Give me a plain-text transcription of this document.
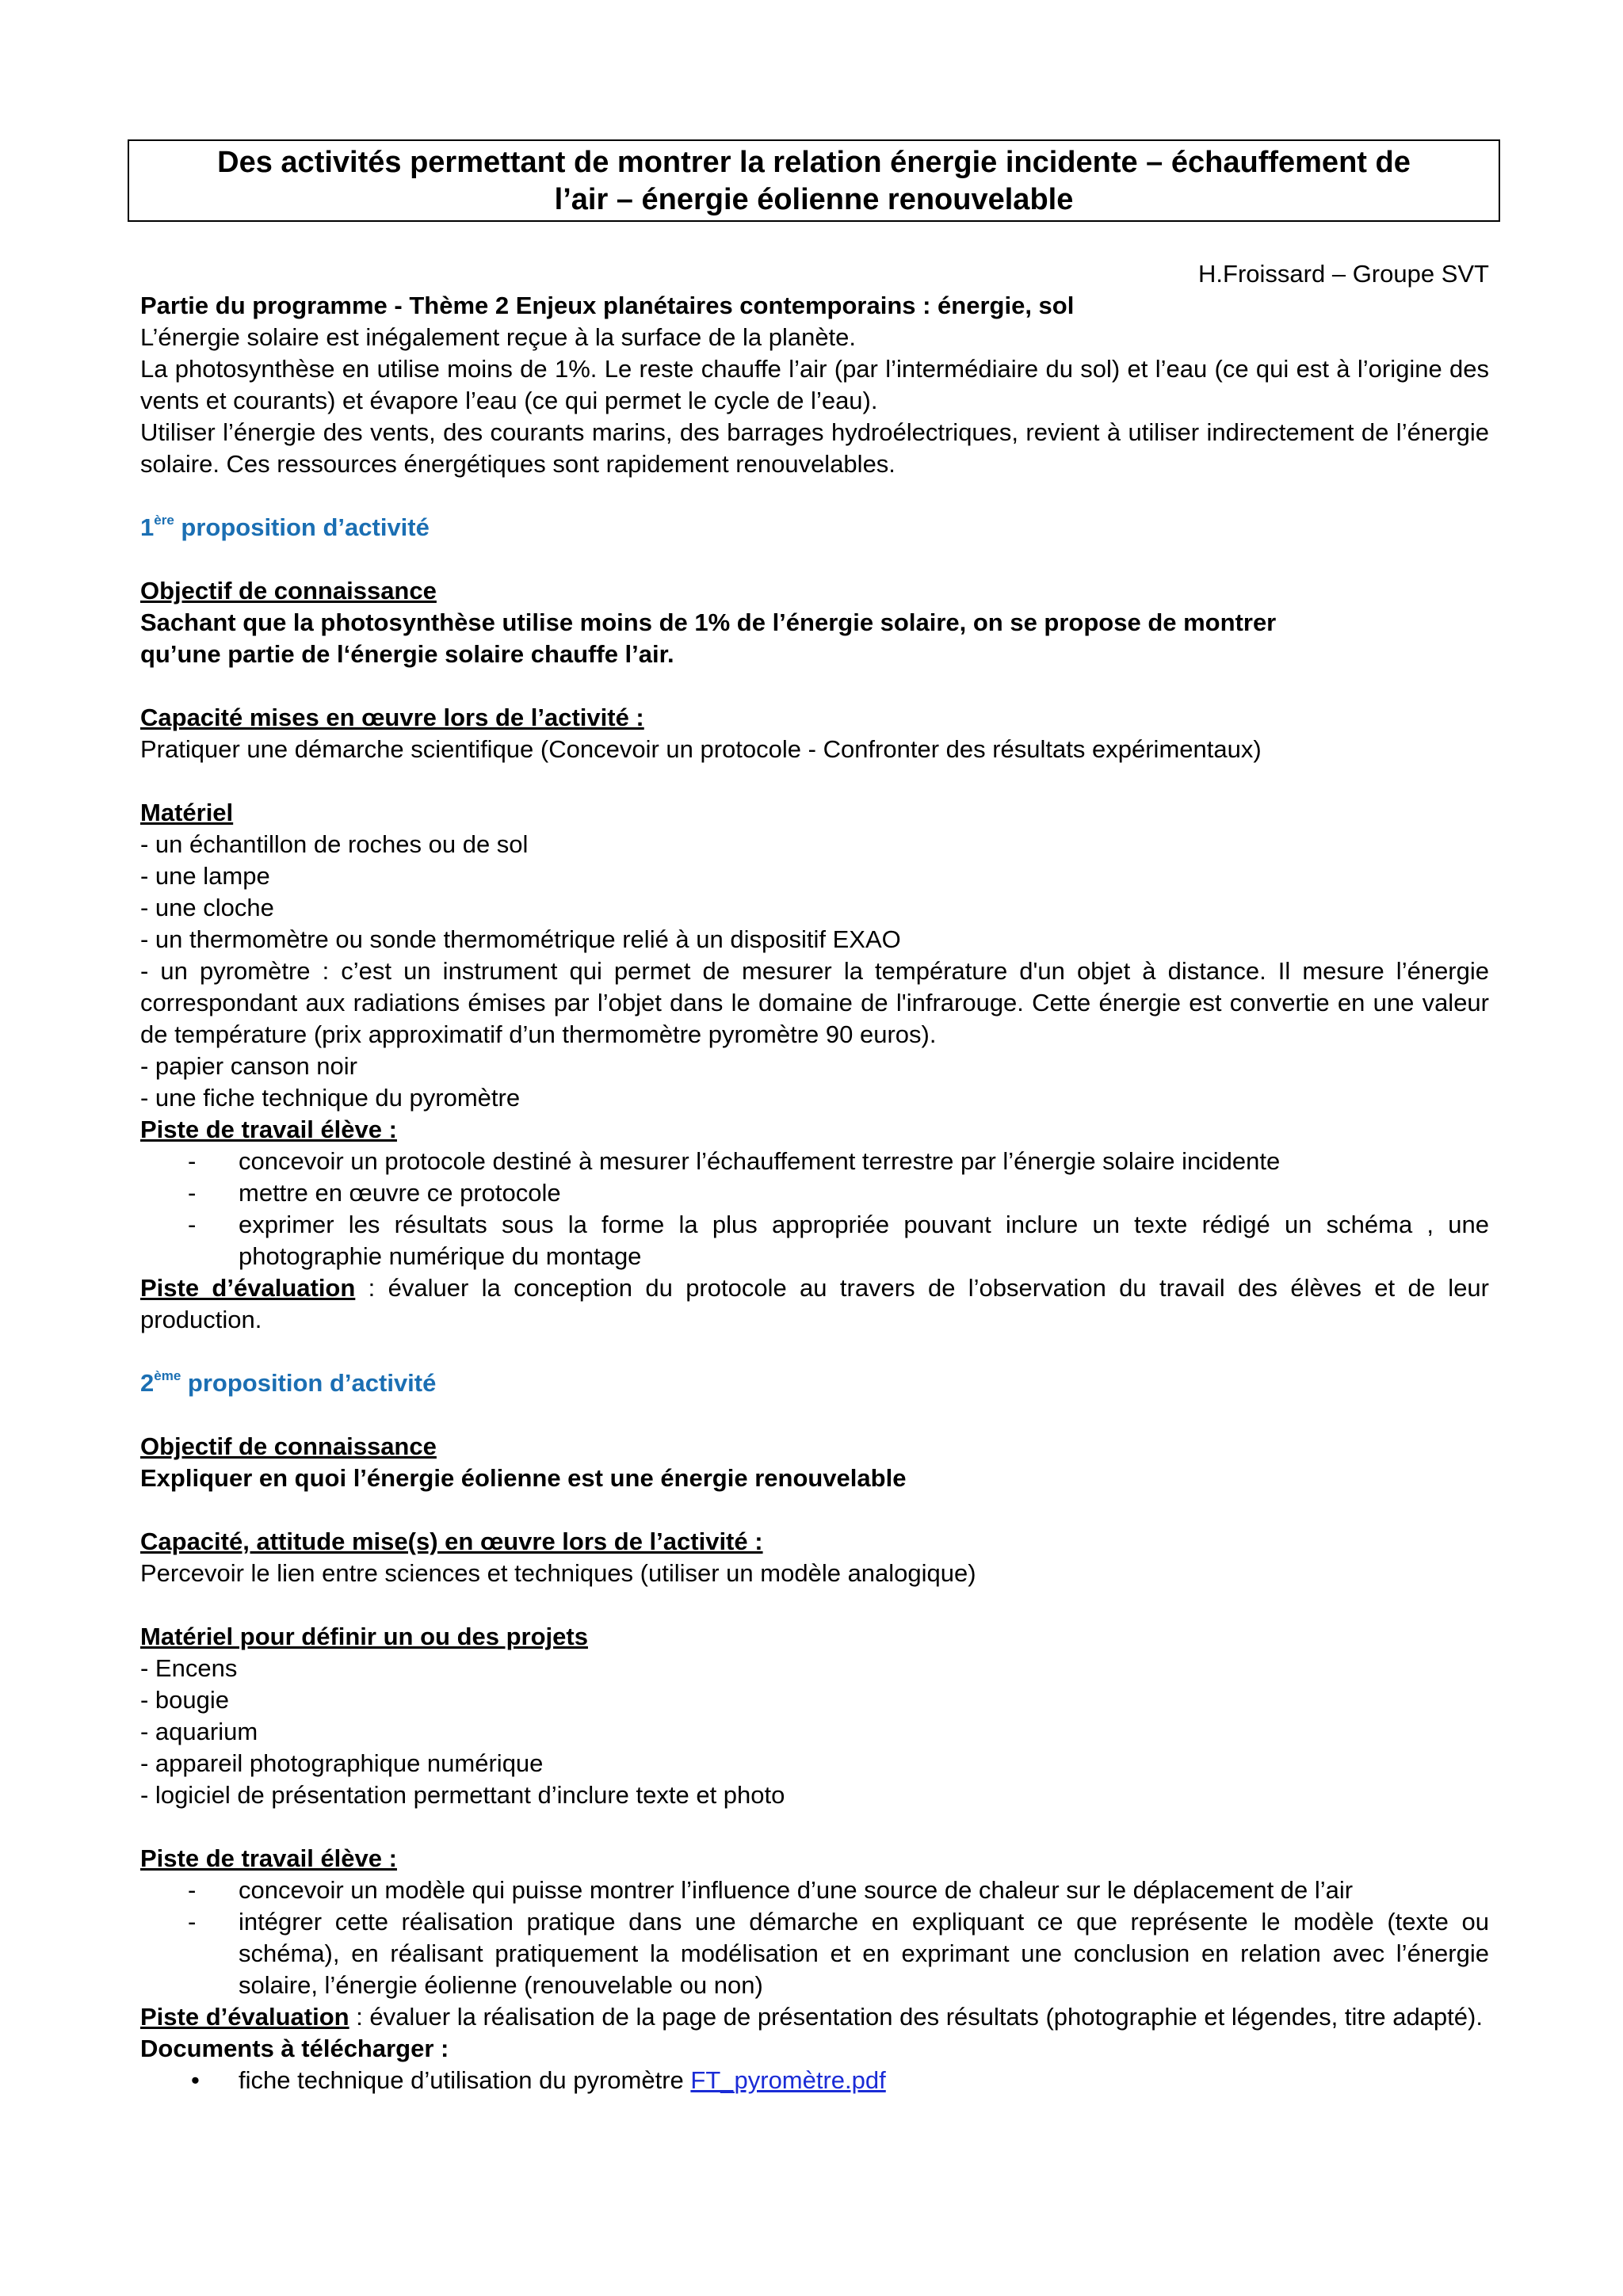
Des activités permettant de montrer la relation énergie incidente – échauffement de
l’air – énergie éolienne renouvelable

H.Froissard – Groupe SVT

Partie du programme - Thème 2 Enjeux planétaires contemporains : énergie, sol

L’énergie solaire est inégalement reçue à la surface de la planète.

La photosynthèse en utilise moins de 1%. Le reste chauffe l’air (par l’intermédiaire du sol) et l’eau (ce qui est à l’origine des vents et courants) et évapore l’eau (ce qui permet le cycle de l’eau).

Utiliser l’énergie des vents, des courants marins, des barrages hydroélectriques, revient à utiliser indirectement de l’énergie solaire. Ces ressources énergétiques sont rapidement renouvelables.

1ère proposition d’activité

Objectif de connaissance

Sachant que la photosynthèse utilise moins de 1% de l’énergie solaire, on se propose de montrer

qu’une partie de l‘énergie solaire chauffe l’air.

Capacité mises en œuvre lors de l’activité :

Pratiquer une démarche scientifique (Concevoir un protocole - Confronter des résultats expérimentaux)

Matériel

- un échantillon de roches ou de sol

- une lampe

- une cloche

- un thermomètre ou sonde thermométrique relié à un dispositif EXAO

- un pyromètre : c’est un instrument qui permet de mesurer la température d'un objet à distance. Il mesure l’énergie correspondant aux radiations émises par l’objet dans le domaine de l'infrarouge. Cette énergie est convertie en une valeur de température (prix approximatif d’un thermomètre pyromètre 90 euros).

- papier canson noir

- une fiche technique du pyromètre

Piste de travail élève :

- concevoir un protocole destiné à mesurer l’échauffement terrestre par l’énergie solaire incidente
- mettre en œuvre ce protocole
- exprimer les résultats sous la forme la plus appropriée pouvant inclure un texte rédigé un schéma , une photographie numérique du montage

Piste d’évaluation : évaluer la conception du protocole au travers de l’observation du travail des élèves et de leur production.

2ème proposition d’activité

Objectif de connaissance

Expliquer en quoi l’énergie éolienne est une énergie renouvelable

Capacité, attitude mise(s) en œuvre lors de l’activité :

Percevoir le lien entre sciences et techniques (utiliser un modèle analogique)

Matériel pour définir un ou des projets

- Encens

- bougie

- aquarium

- appareil photographique numérique

- logiciel de présentation permettant d’inclure texte et photo

Piste de travail élève :

- concevoir un modèle qui puisse montrer l’influence d’une source de chaleur sur le déplacement de l’air
- intégrer cette réalisation pratique dans une démarche en expliquant ce que représente le modèle (texte ou schéma), en réalisant pratiquement la modélisation et en exprimant une conclusion en relation avec l’énergie solaire, l’énergie éolienne (renouvelable ou non)

Piste d’évaluation : évaluer la réalisation de la page de présentation des résultats (photographie et légendes, titre adapté).

Documents à télécharger :

• fiche technique d’utilisation du pyromètre FT_pyromètre.pdf
